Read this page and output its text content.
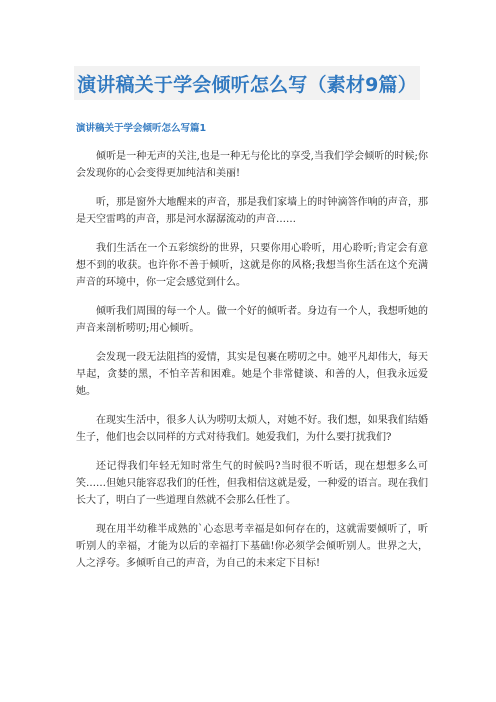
演讲稿关于学会倾听怎么写（素材9篇）
演讲稿关于学会倾听怎么写篇1

倾听是一种无声的关注,也是一种无与伦比的享受,当我们学会倾听的时候;你会发现你的心会变得更加纯洁和美丽!

听，那是窗外大地醒来的声音，那是我们家墙上的时钟滴答作响的声音，那是天空雷鸣的声音，那是河水潺潺流动的声音……

我们生活在一个五彩缤纷的世界，只要你用心聆听，用心聆听;肯定会有意想不到的收获。也许你不善于倾听，这就是你的风格;我想当你生活在这个充满声音的环境中，你一定会感觉到什么。

倾听我们周围的每一个人。做一个好的倾听者。身边有一个人，我想听她的声音来剖析唠叨;用心倾听。

会发现一段无法阻挡的爱情，其实是包裹在唠叨之中。她平凡却伟大，每天早起，贪婪的黑，不怕辛苦和困难。她是个非常健谈、和善的人，但我永远爱她。

在现实生活中，很多人认为唠叨太烦人，对她不好。我们想，如果我们结婚生子，他们也会以同样的方式对待我们。她爱我们，为什么要打扰我们?

还记得我们年轻无知时常生气的时候吗?当时很不听话，现在想想多么可笑……但她只能容忍我们的任性，但我相信这就是爱，一种爱的语言。现在我们长大了，明白了一些道理自然就不会那么任性了。

现在用半幼稚半成熟的`心态思考幸福是如何存在的，这就需要倾听了，听听别人的幸福，才能为以后的幸福打下基础!你必须学会倾听别人。世界之大，人之浮夸。多倾听自己的声音，为自己的未来定下目标!
